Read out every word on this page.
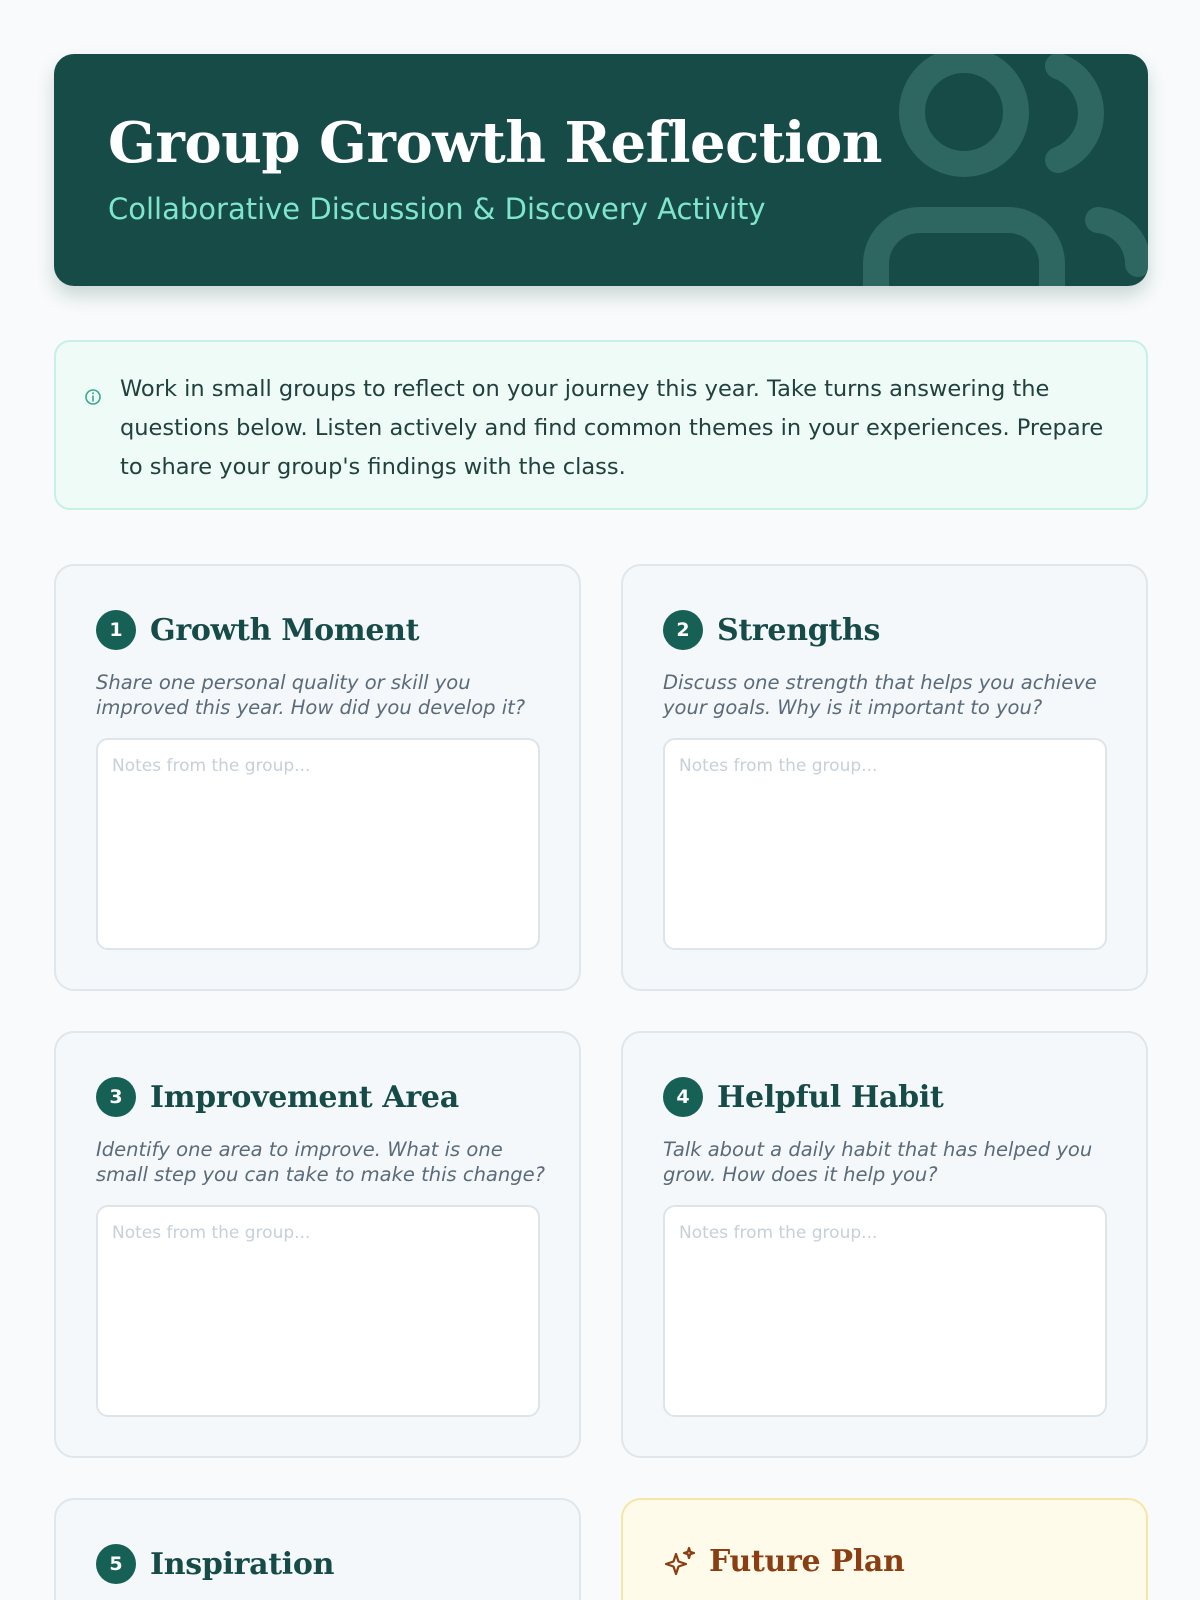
Group Growth Reflection
Collaborative Discussion & Discovery Activity

Work in small groups to reflect on your journey this year. Take turns answering the questions below. Listen actively and find common themes in your experiences. Prepare to share your group's findings with the class.

1 Growth Moment

Share one personal quality or skill you improved this year. How did you develop it?

Notes from the group...
2 Strengths

Discuss one strength that helps you achieve your goals. Why is it important to you?

Notes from the group...
3 Improvement Area

Identify one area to improve. What is one small step you can take to make this change?

Notes from the group...
4 Helpful Habit

Talk about a daily habit that has helped you grow. How does it help you?

Notes from the group...
5 Inspiration	Future Plan
